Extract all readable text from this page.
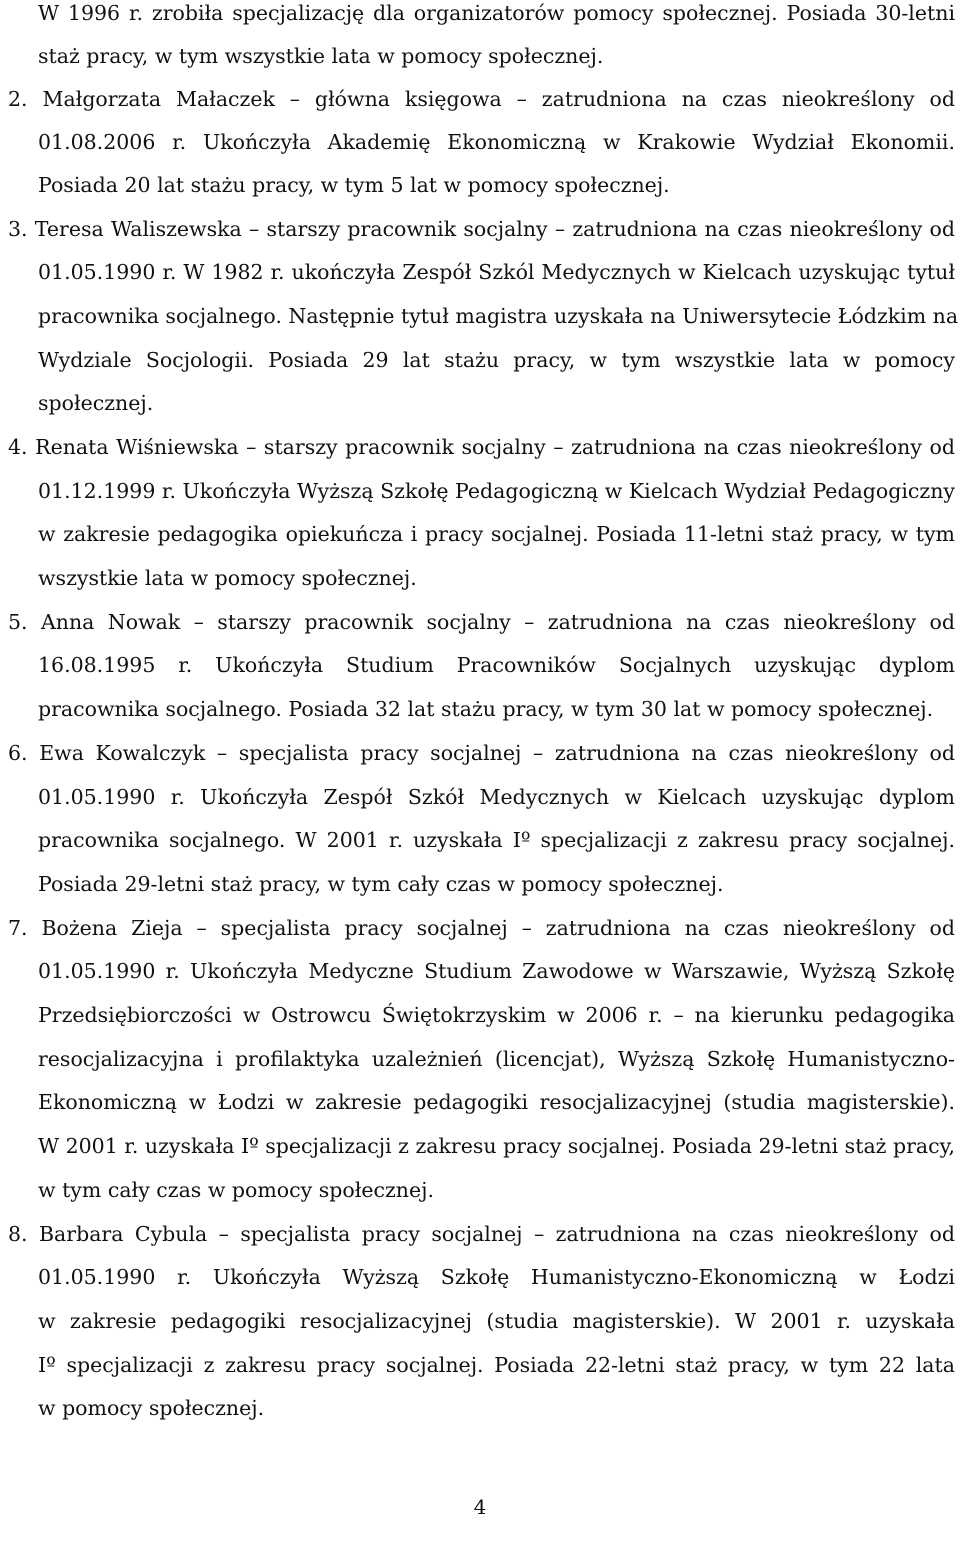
W 1996 r. zrobiła specjalizację dla organizatorów pomocy społecznej. Posiada 30-letni
staż pracy, w tym wszystkie lata w pomocy społecznej.
2. Małgorzata Małaczek – główna księgowa – zatrudniona na czas nieokreślony od
01.08.2006 r. Ukończyła Akademię Ekonomiczną w Krakowie Wydział Ekonomii.
Posiada 20 lat stażu pracy, w tym 5 lat w pomocy społecznej.
3. Teresa Waliszewska – starszy pracownik socjalny – zatrudniona na czas nieokreślony od
01.05.1990 r. W 1982 r. ukończyła Zespół Szkól Medycznych w Kielcach uzyskując tytuł
pracownika socjalnego. Następnie tytuł magistra uzyskała na Uniwersytecie Łódzkim na
Wydziale Socjologii. Posiada 29 lat stażu pracy, w tym wszystkie lata w pomocy
społecznej.
4. Renata Wiśniewska – starszy pracownik socjalny – zatrudniona na czas nieokreślony od
01.12.1999 r. Ukończyła Wyższą Szkołę Pedagogiczną w Kielcach Wydział Pedagogiczny
w zakresie pedagogika opiekuńcza i pracy socjalnej. Posiada 11-letni staż pracy, w tym
wszystkie lata w pomocy społecznej.
5. Anna Nowak – starszy pracownik socjalny – zatrudniona na czas nieokreślony od
16.08.1995 r. Ukończyła Studium Pracowników Socjalnych uzyskując dyplom
pracownika socjalnego. Posiada 32 lat stażu pracy, w tym 30 lat w pomocy społecznej.
6. Ewa Kowalczyk – specjalista pracy socjalnej – zatrudniona na czas nieokreślony od
01.05.1990 r. Ukończyła Zespół Szkół Medycznych w Kielcach uzyskując dyplom
pracownika socjalnego. W 2001 r. uzyskała Iº specjalizacji z zakresu pracy socjalnej.
Posiada 29-letni staż pracy, w tym cały czas w pomocy społecznej.
7. Bożena Zieja – specjalista pracy socjalnej – zatrudniona na czas nieokreślony od
01.05.1990 r. Ukończyła Medyczne Studium Zawodowe w Warszawie, Wyższą Szkołę
Przedsiębiorczości w Ostrowcu Świętokrzyskim w 2006 r. – na kierunku pedagogika
resocjalizacyjna i profilaktyka uzależnień (licencjat), Wyższą Szkołę Humanistyczno-
Ekonomiczną w Łodzi w zakresie pedagogiki resocjalizacyjnej (studia magisterskie).
W 2001 r. uzyskała Iº specjalizacji z zakresu pracy socjalnej. Posiada 29-letni staż pracy,
w tym cały czas w pomocy społecznej.
8. Barbara Cybula – specjalista pracy socjalnej – zatrudniona na czas nieokreślony od
01.05.1990 r. Ukończyła Wyższą Szkołę Humanistyczno-Ekonomiczną w Łodzi
w zakresie pedagogiki resocjalizacyjnej (studia magisterskie). W 2001 r. uzyskała
Iº specjalizacji z zakresu pracy socjalnej. Posiada 22-letni staż pracy, w tym 22 lata
w pomocy społecznej.
4
